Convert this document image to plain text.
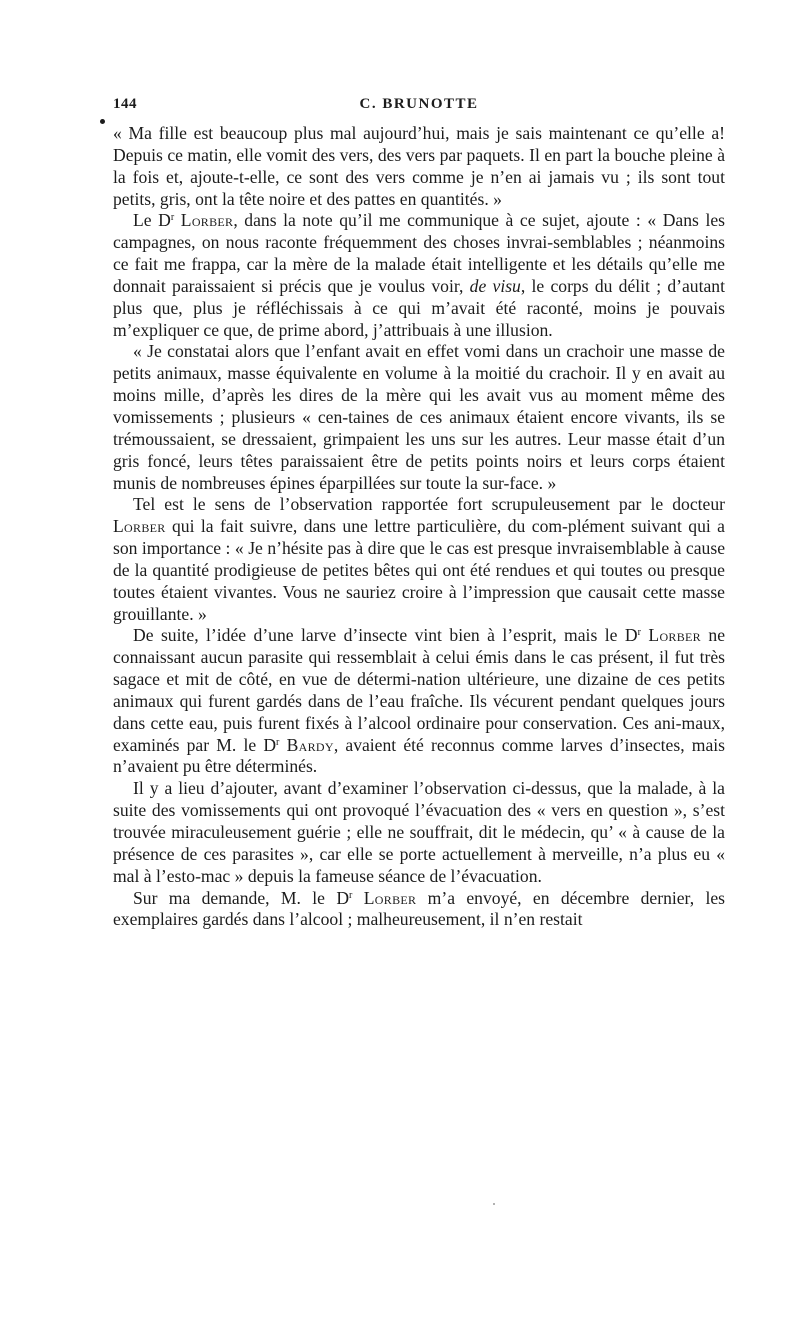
144	C. BRUNOTTE

« Ma fille est beaucoup plus mal aujourd’hui, mais je sais maintenant ce qu’elle a! Depuis ce matin, elle vomit des vers, des vers par paquets. Il en part la bouche pleine à la fois et, ajoute-t-elle, ce sont des vers comme je n’en ai jamais vu ; ils sont tout petits, gris, ont la tête noire et des pattes en quantités. »

Le $D^r$ Lorber, dans la note qu’il me communique à ce sujet, ajoute : « Dans les campagnes, on nous raconte fréquemment des choses invrai-semblables ; néanmoins ce fait me frappa, car la mère de la malade était intelligente et les détails qu’elle me donnait paraissaient si précis que je voulus voir, de visu, le corps du délit ; d’autant plus que, plus je réfléchissais à ce qui m’avait été raconté, moins je pouvais m’expliquer ce que, de prime abord, j’attribuais à une illusion.

« Je constatai alors que l’enfant avait en effet vomi dans un crachoir une masse de petits animaux, masse équivalente en volume à la moitié du crachoir. Il y en avait au moins mille, d’après les dires de la mère qui les avait vus au moment même des vomissements ; plusieurs « cen-taines de ces animaux étaient encore vivants, ils se trémoussaient, se dressaient, grimpaient les uns sur les autres. Leur masse était d’un gris foncé, leurs têtes paraissaient être de petits points noirs et leurs corps étaient munis de nombreuses épines éparpillées sur toute la sur-face. »

Tel est le sens de l’observation rapportée fort scrupuleusement par le docteur Lorber qui la fait suivre, dans une lettre particulière, du com-plément suivant qui a son importance : « Je n’hésite pas à dire que le cas est presque invraisemblable à cause de la quantité prodigieuse de petites bêtes qui ont été rendues et qui toutes ou presque toutes étaient vivantes. Vous ne sauriez croire à l’impression que causait cette masse grouillante. »

De suite, l’idée d’une larve d’insecte vint bien à l’esprit, mais le $D^r$ Lorber ne connaissant aucun parasite qui ressemblait à celui émis dans le cas présent, il fut très sagace et mit de côté, en vue de détermi-nation ultérieure, une dizaine de ces petits animaux qui furent gardés dans de l’eau fraîche. Ils vécurent pendant quelques jours dans cette eau, puis furent fixés à l’alcool ordinaire pour conservation. Ces ani-maux, examinés par M. le $D^r$ Bardy, avaient été reconnus comme larves d’insectes, mais n’avaient pu être déterminés.

Il y a lieu d’ajouter, avant d’examiner l’observation ci-dessus, que la malade, à la suite des vomissements qui ont provoqué l’évacuation des « vers en question », s’est trouvée miraculeusement guérie ; elle ne souffrait, dit le médecin, qu’ « à cause de la présence de ces parasites », car elle se porte actuellement à merveille, n’a plus eu « mal à l’esto-mac » depuis la fameuse séance de l’évacuation.

Sur ma demande, M. le $D^r$ Lorber m’a envoyé, en décembre dernier, les exemplaires gardés dans l’alcool ; malheureusement, il n’en restait
